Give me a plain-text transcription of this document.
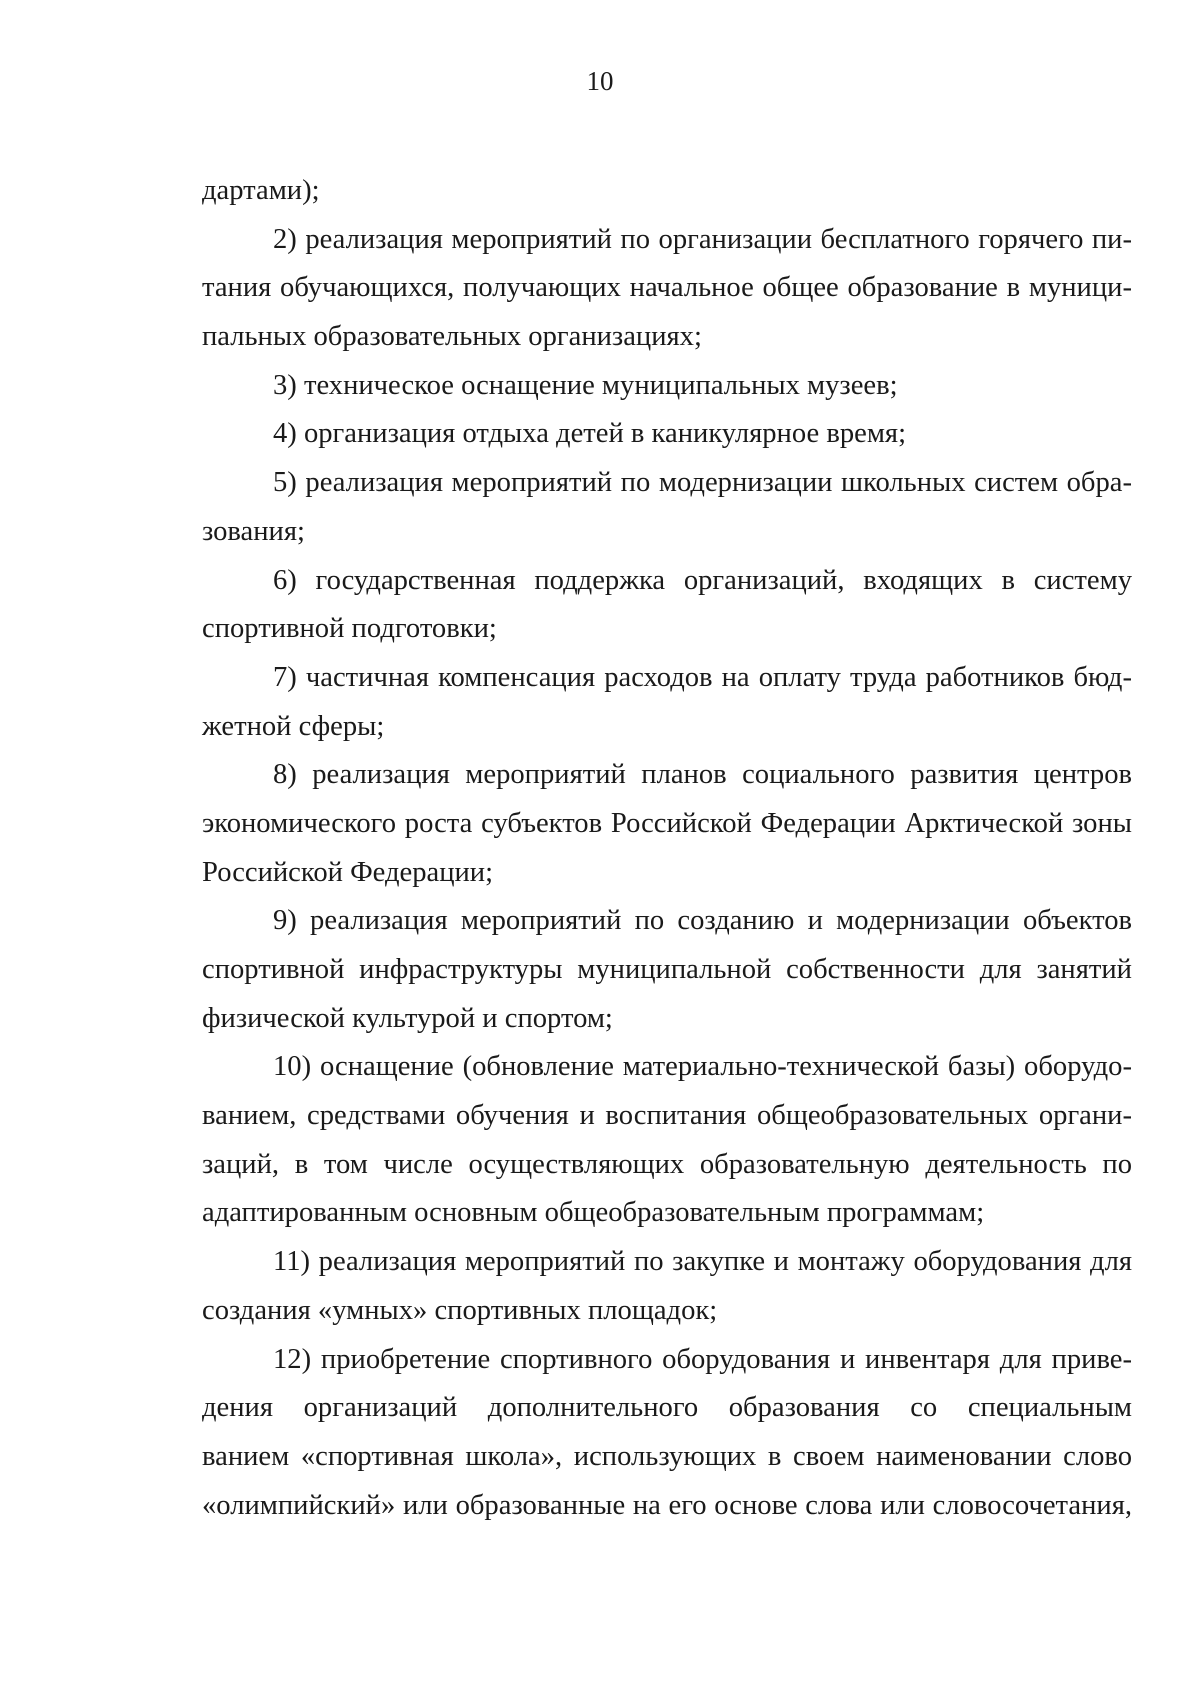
10
дартами);
2) реализация мероприятий по организации бесплатного горячего пи-
тания обучающихся, получающих начальное общее образование в муници-
пальных образовательных организациях;
3) техническое оснащение муниципальных музеев;
4) организация отдыха детей в каникулярное время;
5) реализация мероприятий по модернизации школьных систем обра-
зования;
6) государственная поддержка организаций, входящих в систему
спортивной подготовки;
7) частичная компенсация расходов на оплату труда работников бюд-
жетной сферы;
8) реализация мероприятий планов социального развития центров
экономического роста субъектов Российской Федерации Арктической зоны
Российской Федерации;
9) реализация мероприятий по созданию и модернизации объектов
спортивной инфраструктуры муниципальной собственности для занятий
физической культурой и спортом;
10) оснащение (обновление материально-технической базы) оборудо-
ванием, средствами обучения и воспитания общеобразовательных органи-
заций, в том числе осуществляющих образовательную деятельность по
адаптированным основным общеобразовательным программам;
11) реализация мероприятий по закупке и монтажу оборудования для
создания «умных» спортивных площадок;
12) приобретение спортивного оборудования и инвентаря для приве-
дения организаций дополнительного образования со специальным
ванием «спортивная школа», использующих в своем наименовании слово
«олимпийский» или образованные на его основе слова или словосочетания,
